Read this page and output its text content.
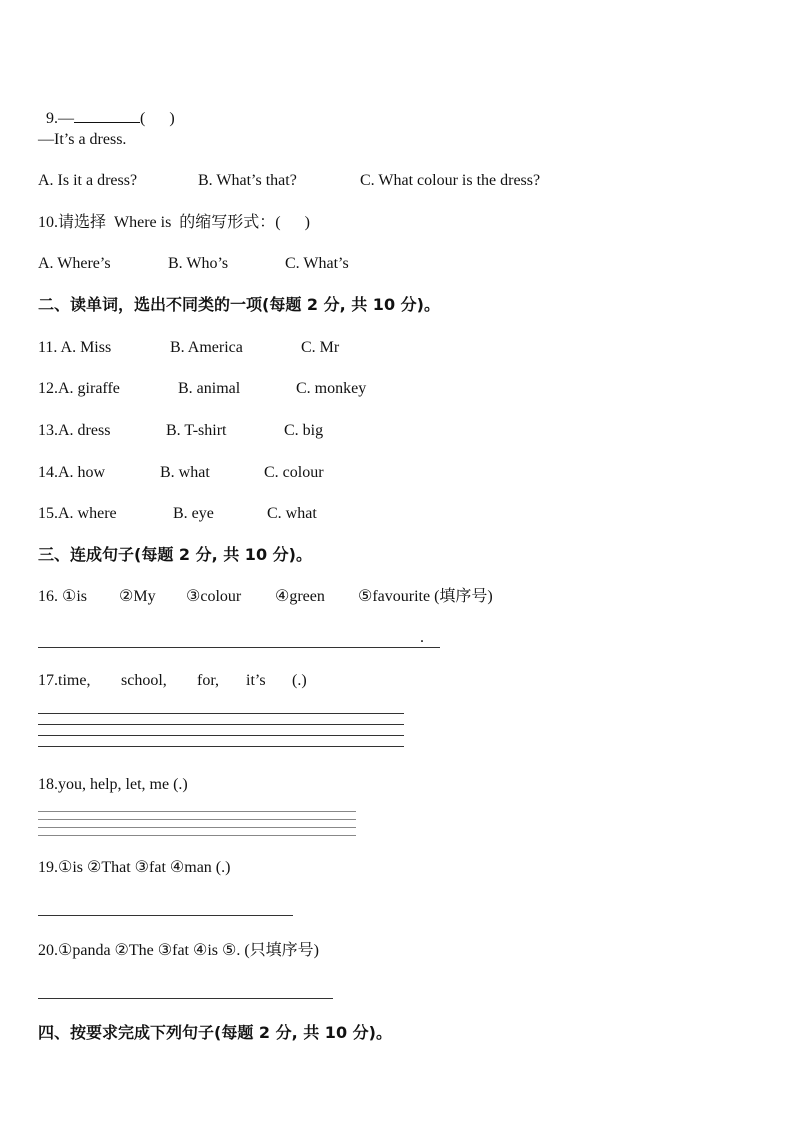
9.—	(      )

—It’s a dress.
A. Is it a dress?	B. What’s that?	C. What colour is the dress?
10.请选择  Where is  的缩写形式：(      )
A. Where’s	B. Who’s	C. What’s
二、读单词，选出不同类的一项(每题 2 分, 共 10 分)。
11. A. Miss	B. America	C. Mr
12.A. giraffe	B. animal	C. monkey
13.A. dress	B. T-shirt	C. big
14.A. how	B. what	C. colour
15.A. where	B. eye	C. what
三、连成句子(每题 2 分, 共 10 分)。
16. ①is ②My ③colour ④green ⑤favourite (填序号)
.
17.time, school, for, it’s (.)
18.you, help, let, me (.)
19.①is ②That ③fat ④man (.)
20.①panda ②The ③fat ④is ⑤. (只填序号)
四、按要求完成下列句子(每题 2 分, 共 10 分)。
